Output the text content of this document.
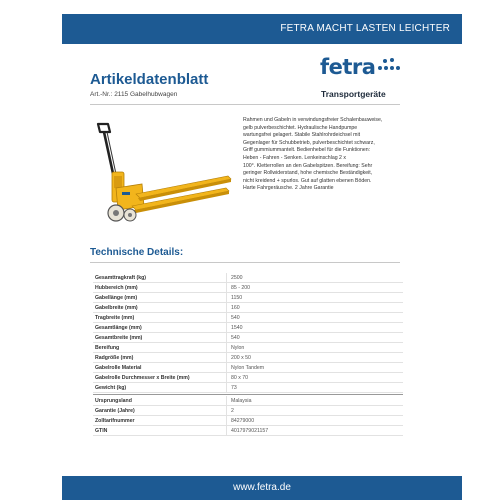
FETRA MACHT LASTEN LEICHTER
Artikeldatenblatt
Art.-Nr.: 2115 Gabelhubwagen
fetra
Transportgeräte
Rahmen und Gabeln in verwindungsfreier Schalenbauweise,
gelb pulverbeschichtet. Hydraulische Handpumpe
wartungsfrei gelagert. Stabile Stahlrohrdeichsel mit
Gegenlager für Schubbetrieb, pulverbeschichtet schwarz,
Griff gummiummantelt. Bedienhebel für die Funktionen:
Heben - Fahren - Senken. Lenkeinschlag 2 x
100°. Kletterrollen an den Gabelspitzen. Bereifung: Sehr
geringer Rollwiderstand, hohe chemische Beständigkeit,
nicht kreidend + spurlos. Gut auf glatten ebenen Böden.
Harte Fahrgeräusche. 2 Jahre Garantie
Technische Details:
Gesamttragkraft (kg)	2500
Hubbereich (mm)	85 - 200
Gabellänge (mm)	1150
Gabelbreite (mm)	160
Tragbreite (mm)	540
Gesamtlänge (mm)	1540
Gesamtbreite (mm)	540
Bereifung	Nylon
Radgröße (mm)	200 x 50
Gabelrolle Material	Nylon Tandem
Gabelrolle Durchmesser x Breite (mm)	80 x 70
Gewicht (kg)	73
Ursprungsland	Malaysia
Garantie (Jahre)	2
Zolltarifnummer	84279000
GTIN	4017979021157
www.fetra.de
